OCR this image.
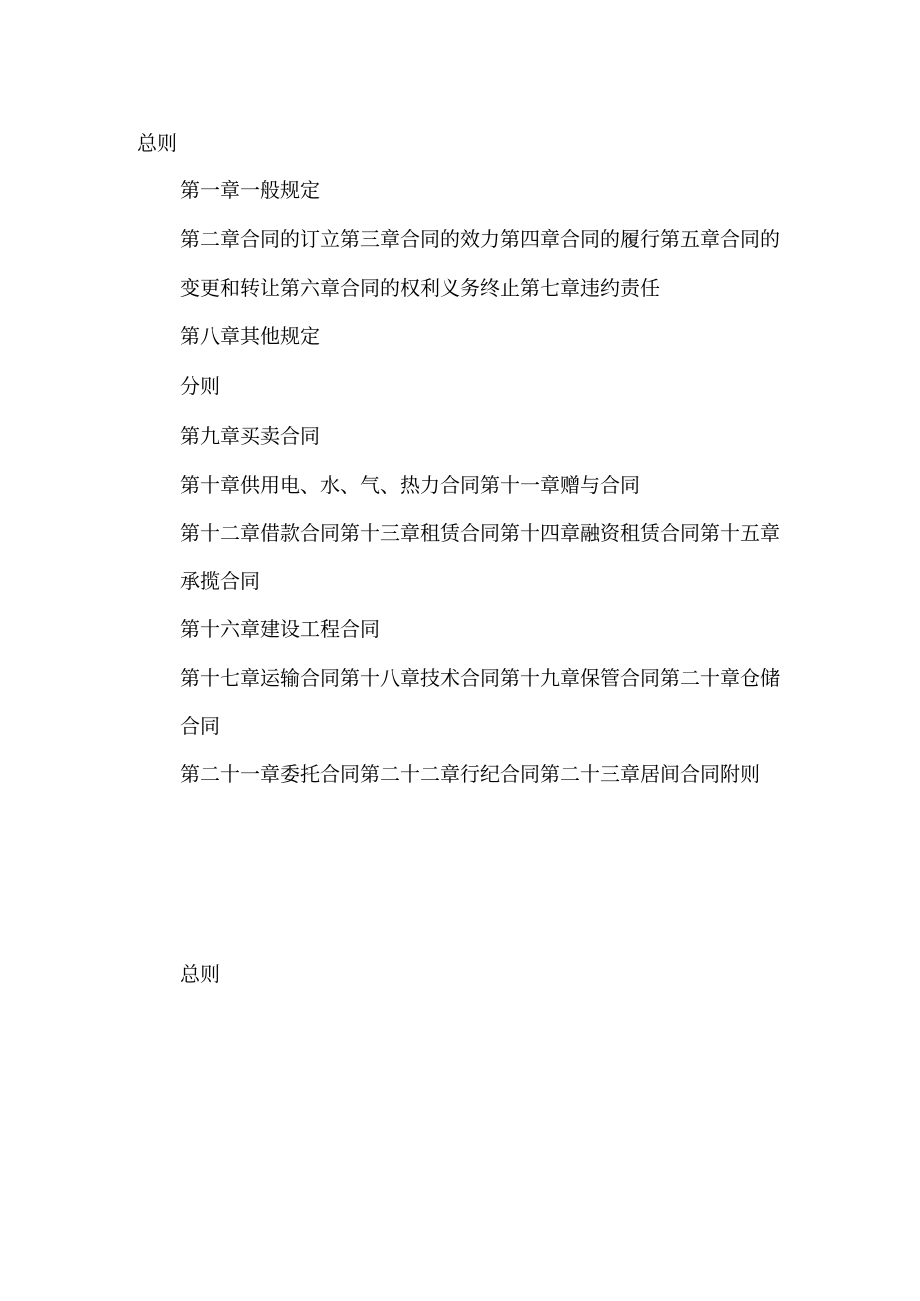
总则
第一章一般规定
第二章合同的订立第三章合同的效力第四章合同的履行第五章合同的
变更和转让第六章合同的权利义务终止第七章违约责任
第八章其他规定
分则
第九章买卖合同
第十章供用电、水、气、热力合同第十一章赠与合同
第十二章借款合同第十三章租赁合同第十四章融资租赁合同第十五章
承揽合同
第十六章建设工程合同
第十七章运输合同第十八章技术合同第十九章保管合同第二十章仓储
合同
第二十一章委托合同第二十二章行纪合同第二十三章居间合同附则
总则
